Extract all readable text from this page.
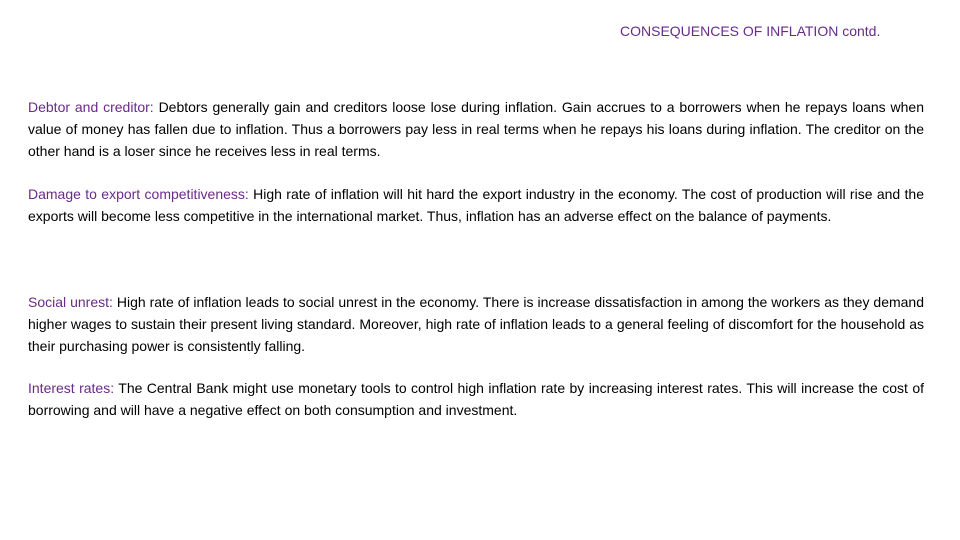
CONSEQUENCES OF INFLATION contd.

Debtor and creditor: Debtors generally gain and creditors loose lose during inflation. Gain accrues to a borrowers when he repays loans when value of money has fallen due to inflation. Thus a borrowers pay less in real terms when he repays his loans during inflation. The creditor on the other hand is a loser since he receives less in real terms.

Damage to export competitiveness: High rate of inflation will hit hard the export industry in the economy. The cost of production will rise and the exports will become less competitive in the international market. Thus, inflation has an adverse effect on the balance of payments.

Social unrest: High rate of inflation leads to social unrest in the economy. There is increase dissatisfaction in among the workers as they demand higher wages to sustain their present living standard. Moreover, high rate of inflation leads to a general feeling of discomfort for the household as their purchasing power is consistently falling.

Interest rates: The Central Bank might use monetary tools to control high inflation rate by increasing interest rates. This will increase the cost of borrowing and will have a negative effect on both consumption and investment.
